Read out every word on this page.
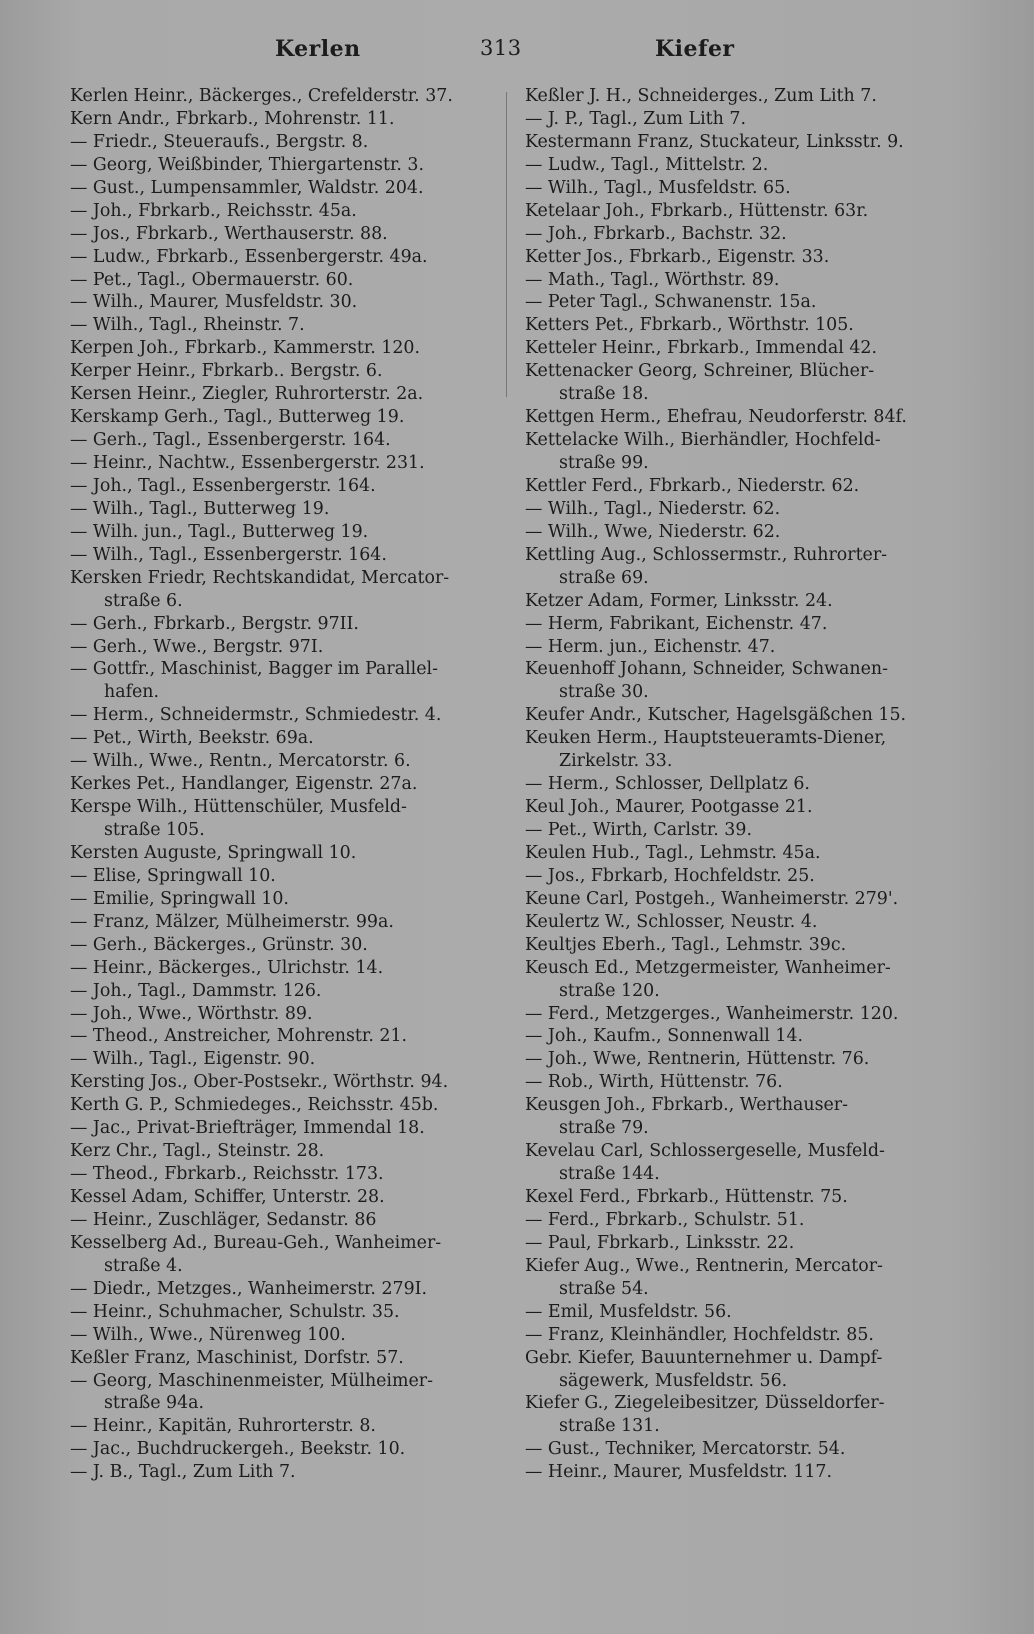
Kerlen	313	Kiefer
Kerlen Heinr., Bäckerges., Crefelderstr. 37.
Kern Andr., Fbrkarb., Mohrenstr. 11.
— Friedr., Steueraufs., Bergstr. 8.
— Georg, Weißbinder, Thiergartenstr. 3.
— Gust., Lumpensammler, Waldstr. 204.
— Joh., Fbrkarb., Reichsstr. 45a.
— Jos., Fbrkarb., Werthauserstr. 88.
— Ludw., Fbrkarb., Essenbergerstr. 49a.
— Pet., Tagl., Obermauerstr. 60.
— Wilh., Maurer, Musfeldstr. 30.
— Wilh., Tagl., Rheinstr. 7.
Kerpen Joh., Fbrkarb., Kammerstr. 120.
Kerper Heinr., Fbrkarb.. Bergstr. 6.
Kersen Heinr., Ziegler, Ruhrorterstr. 2a.
Kerskamp Gerh., Tagl., Butterweg 19.
— Gerh., Tagl., Essenbergerstr. 164.
— Heinr., Nachtw., Essenbergerstr. 231.
— Joh., Tagl., Essenbergerstr. 164.
— Wilh., Tagl., Butterweg 19.
— Wilh. jun., Tagl., Butterweg 19.
— Wilh., Tagl., Essenbergerstr. 164.
Kersken Friedr, Rechtskandidat, Mercator-
straße 6.
— Gerh., Fbrkarb., Bergstr. 97II.
— Gerh., Wwe., Bergstr. 97I.
— Gottfr., Maschinist, Bagger im Parallel-
hafen.
— Herm., Schneidermstr., Schmiedestr. 4.
— Pet., Wirth, Beekstr. 69a.
— Wilh., Wwe., Rentn., Mercatorstr. 6.
Kerkes Pet., Handlanger, Eigenstr. 27a.
Kerspe Wilh., Hüttenschüler, Musfeld-
straße 105.
Kersten Auguste, Springwall 10.
— Elise, Springwall 10.
— Emilie, Springwall 10.
— Franz, Mälzer, Mülheimerstr. 99a.
— Gerh., Bäckerges., Grünstr. 30.
— Heinr., Bäckerges., Ulrichstr. 14.
— Joh., Tagl., Dammstr. 126.
— Joh., Wwe., Wörthstr. 89.
— Theod., Anstreicher, Mohrenstr. 21.
— Wilh., Tagl., Eigenstr. 90.
Kersting Jos., Ober-Postsekr., Wörthstr. 94.
Kerth G. P., Schmiedeges., Reichsstr. 45b.
— Jac., Privat-Briefträger, Immendal 18.
Kerz Chr., Tagl., Steinstr. 28.
— Theod., Fbrkarb., Reichsstr. 173.
Kessel Adam, Schiffer, Unterstr. 28.
— Heinr., Zuschläger, Sedanstr. 86
Kesselberg Ad., Bureau-Geh., Wanheimer-
straße 4.
— Diedr., Metzges., Wanheimerstr. 279I.
— Heinr., Schuhmacher, Schulstr. 35.
— Wilh., Wwe., Nürenweg 100.
Keßler Franz, Maschinist, Dorfstr. 57.
— Georg, Maschinenmeister, Mülheimer-
straße 94a.
— Heinr., Kapitän, Ruhrorterstr. 8.
— Jac., Buchdruckergeh., Beekstr. 10.
— J. B., Tagl., Zum Lith 7.
Keßler J. H., Schneiderges., Zum Lith 7.
— J. P., Tagl., Zum Lith 7.
Kestermann Franz, Stuckateur, Linksstr. 9.
— Ludw., Tagl., Mittelstr. 2.
— Wilh., Tagl., Musfeldstr. 65.
Ketelaar Joh., Fbrkarb., Hüttenstr. 63r.
— Joh., Fbrkarb., Bachstr. 32.
Ketter Jos., Fbrkarb., Eigenstr. 33.
— Math., Tagl., Wörthstr. 89.
— Peter Tagl., Schwanenstr. 15a.
Ketters Pet., Fbrkarb., Wörthstr. 105.
Ketteler Heinr., Fbrkarb., Immendal 42.
Kettenacker Georg, Schreiner, Blücher-
straße 18.
Kettgen Herm., Ehefrau, Neudorferstr. 84f.
Kettelacke Wilh., Bierhändler, Hochfeld-
straße 99.
Kettler Ferd., Fbrkarb., Niederstr. 62.
— Wilh., Tagl., Niederstr. 62.
— Wilh., Wwe, Niederstr. 62.
Kettling Aug., Schlossermstr., Ruhrorter-
straße 69.
Ketzer Adam, Former, Linksstr. 24.
— Herm, Fabrikant, Eichenstr. 47.
— Herm. jun., Eichenstr. 47.
Keuenhoff Johann, Schneider, Schwanen-
straße 30.
Keufer Andr., Kutscher, Hagelsgäßchen 15.
Keuken Herm., Hauptsteueramts-Diener,
Zirkelstr. 33.
— Herm., Schlosser, Dellplatz 6.
Keul Joh., Maurer, Pootgasse 21.
— Pet., Wirth, Carlstr. 39.
Keulen Hub., Tagl., Lehmstr. 45a.
— Jos., Fbrkarb, Hochfeldstr. 25.
Keune Carl, Postgeh., Wanheimerstr. 279'.
Keulertz W., Schlosser, Neustr. 4.
Keultjes Eberh., Tagl., Lehmstr. 39c.
Keusch Ed., Metzgermeister, Wanheimer-
straße 120.
— Ferd., Metzgerges., Wanheimerstr. 120.
— Joh., Kaufm., Sonnenwall 14.
— Joh., Wwe, Rentnerin, Hüttenstr. 76.
— Rob., Wirth, Hüttenstr. 76.
Keusgen Joh., Fbrkarb., Werthauser-
straße 79.
Kevelau Carl, Schlossergeselle, Musfeld-
straße 144.
Kexel Ferd., Fbrkarb., Hüttenstr. 75.
— Ferd., Fbrkarb., Schulstr. 51.
— Paul, Fbrkarb., Linksstr. 22.
Kiefer Aug., Wwe., Rentnerin, Mercator-
straße 54.
— Emil, Musfeldstr. 56.
— Franz, Kleinhändler, Hochfeldstr. 85.
Gebr. Kiefer, Bauunternehmer u. Dampf-
sägewerk, Musfeldstr. 56.
Kiefer G., Ziegeleibesitzer, Düsseldorfer-
straße 131.
— Gust., Techniker, Mercatorstr. 54.
— Heinr., Maurer, Musfeldstr. 117.
